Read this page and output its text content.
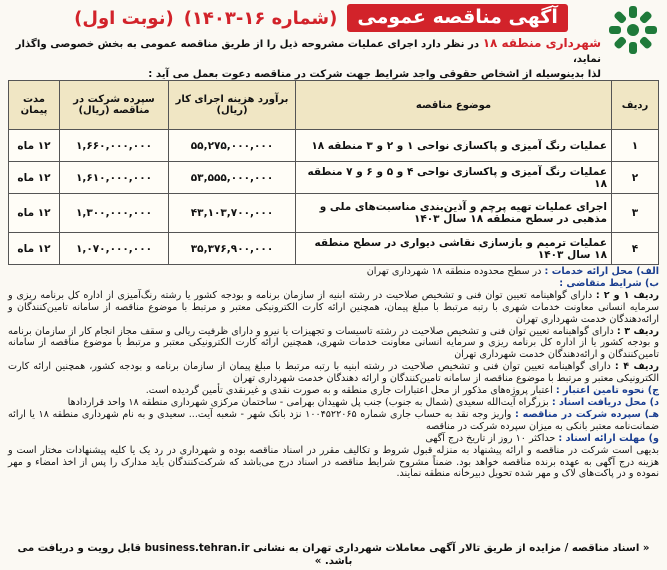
آگهی مناقصه عمومی
(شماره ۱۶-۱۴۰۳)
(نوبت اول)
شهرداری منطقه ۱۸ در نظر دارد اجرای عملیات مشروحه ذیل را از طریق مناقصه عمومی به بخش خصوصی واگذار نماید،
لذا بدینوسیله از اشخاص حقوقی واجد شرایط جهت شرکت در مناقصه دعوت بعمل می آید :
ردیف	موضوع مناقصه	برآورد هزینه اجرای کار (ریال)	سپرده شرکت در مناقصه (ریال)	مدت پیمان
۱	عملیات رنگ آمیزی و پاکسازی نواحی ۱ و ۲ و ۳ منطقه ۱۸	۵۵,۲۷۵,۰۰۰,۰۰۰	۱,۶۶۰,۰۰۰,۰۰۰	۱۲ ماه
۲	عملیات رنگ آمیزی و پاکسازی نواحی ۴ و ۵ و ۶ و ۷ منطقه ۱۸	۵۳,۵۵۵,۰۰۰,۰۰۰	۱,۶۱۰,۰۰۰,۰۰۰	۱۲ ماه
۳	اجرای عملیات تهیه پرچم و آذین‌بندی مناسبت‌های ملی و مذهبی در سطح منطقه ۱۸ سال ۱۴۰۳	۴۳,۱۰۳,۷۰۰,۰۰۰	۱,۳۰۰,۰۰۰,۰۰۰	۱۲ ماه
۴	عملیات ترمیم و بازسازی نقاشی دیواری در سطح منطقه ۱۸ سال ۱۴۰۳	۳۵,۳۷۶,۹۰۰,۰۰۰	۱,۰۷۰,۰۰۰,۰۰۰	۱۲ ماه

الف) محل ارائه خدمات : در سطح محدوده منطقه ۱۸ شهرداری تهران

ب) شرایط متقاضی :

ردیف ۱ و ۲ : دارای گواهینامه تعیین توان فنی و تشخیص صلاحیت در رشته ابنیه از سازمان برنامه و بودجه کشور یا رشته رنگ‌آمیزی از اداره کل برنامه ریزی و سرمایه انسانی معاونت خدمات شهری با رتبه مرتبط با مبلغ پیمان، همچنین ارائه کارت الکترونیکی معتبر و مرتبط با موضوع مناقصه از سامانه تامین‌کنندگان و ارائه‌دهندگان خدمت شهرداری تهران

ردیف ۳ : دارای گواهینامه تعیین توان فنی و تشخیص صلاحیت در رشته تاسیسات و تجهیزات یا نیرو و دارای ظرفیت ریالی و سقف مجاز انجام کار از سازمان برنامه و بودجه کشور یا از اداره کل برنامه ریزی و سرمایه انسانی معاونت خدمات شهری، همچنین ارائه کارت الکترونیکی معتبر و مرتبط با موضوع مناقصه از سامانه تامین‌کنندگان و ارائه‌دهندگان خدمت شهرداری تهران

ردیف ۴ : دارای گواهینامه تعیین توان فنی و تشخیص صلاحیت در رشته ابنیه با رتبه مرتبط با مبلغ پیمان از سازمان برنامه و بودجه کشور، همچنین ارائه کارت الکترونیکی معتبر و مرتبط با موضوع مناقصه از سامانه تامین‌کنندگان و ارائه دهندگان خدمت شهرداری تهران

ج) نحوه تامین اعتبار : اعتبار پروژه‌های مذکور از محل اعتبارات جاری منطقه و به صورت نقدی و غیرنقدی تأمین گردیده است.

د) محل دریافت اسناد : بزرگراه آیت‌الله سعیدی (شمال به جنوب) جنب پل شهیدان بهرامی - ساختمان مرکزی شهرداری منطقه ۱۸ واحد قراردادها

هـ) سپرده شرکت در مناقصه : واریز وجه نقد به حساب جاری شماره ۱۰۰۴۵۲۲۰۶۵ نزد بانک شهر - شعبه آیت‌... سعیدی و به نام شهرداری منطقه ۱۸ یا ارائه ضمانت‌نامه معتبر بانکی به میزان سپرده شرکت در مناقصه

و) مهلت ارائه اسناد : حداکثر ۱۰ روز از تاریخ درج آگهی

بدیهی است شرکت در مناقصه و ارائه پیشنهاد به منزله قبول شروط و تکالیف مقرر در اسناد مناقصه بوده و شهرداری در رد یک یا کلیه پیشنهادات مختار است و هزینه درج آگهی به عهده برنده مناقصه خواهد بود. ضمناً مشروح شرایط مناقصه در اسناد درج می‌باشد که شرکت‌کنندگان باید مدارک را پس از اخذ امضاء و مهر نموده و در پاکت‌های لاک و مهر شده تحویل دبیرخانه منطقه نمایند.

« اسناد مناقصه / مزایده از طریق تالار آگهی معاملات شهرداری تهران به نشانی business.tehran.ir قابل رویت و دریافت می باشد. »
